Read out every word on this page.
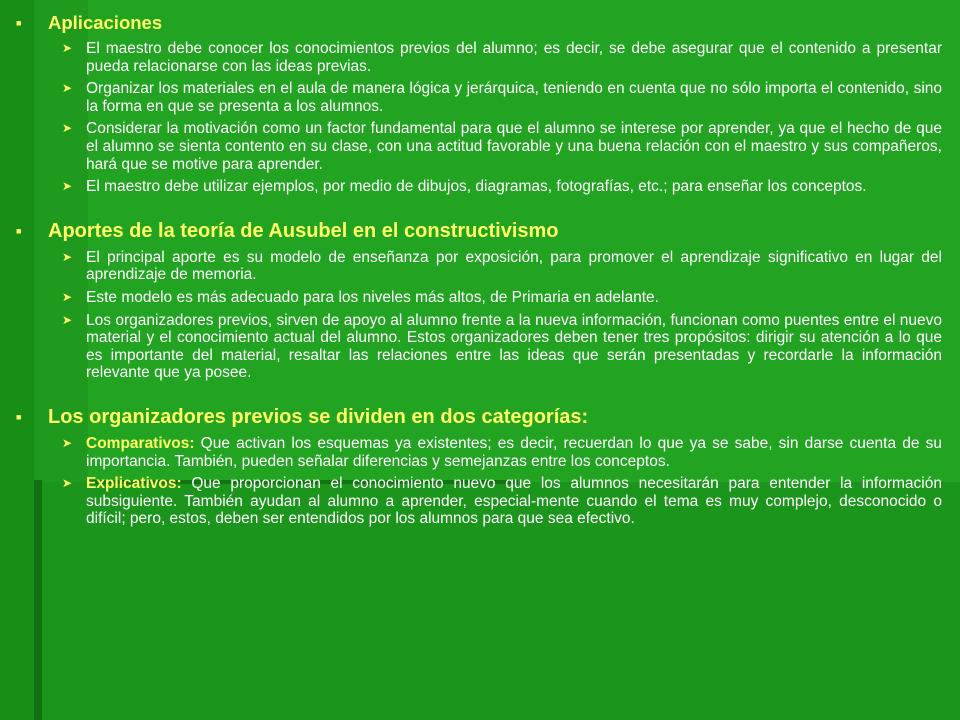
■	Aplicaciones
➤ El maestro debe conocer los conocimientos previos del alumno; es decir, se debe asegurar que el contenido a presentar pueda relacionarse con las ideas previas.
➤ Organizar los materiales en el aula de manera lógica y jerárquica, teniendo en cuenta que no sólo importa el contenido, sino la forma en que se presenta a los alumnos.
➤ Considerar la motivación como un factor fundamental para que el alumno se interese por aprender, ya que el hecho de que el alumno se sienta contento en su clase, con una actitud favorable y una buena relación con el maestro y sus compañeros, hará que se motive para aprender.
➤ El maestro debe utilizar ejemplos, por medio de dibujos, diagramas, fotografías, etc.; para enseñar los conceptos.
■	Aportes de la teoría de Ausubel en el constructivismo
➤ El principal aporte es su modelo de enseñanza por exposición, para promover el aprendizaje significativo en lugar del aprendizaje de memoria.
➤ Este modelo es más adecuado para los niveles más altos, de Primaria en adelante.
➤ Los organizadores previos, sirven de apoyo al alumno frente a la nueva información, funcionan como puentes entre el nuevo material y el conocimiento actual del alumno. Estos organizadores deben tener tres propósitos: dirigir su atención a lo que es importante del material, resaltar las relaciones entre las ideas que serán presentadas y recordarle la información relevante que ya posee.
■	Los organizadores previos se dividen en dos categorías:
➤ Comparativos: Que activan los esquemas ya existentes; es decir, recuerdan lo que ya se sabe, sin darse cuenta de su importancia. También, pueden señalar diferencias y semejanzas entre los conceptos.
➤ Explicativos: Que proporcionan el conocimiento nuevo que los alumnos necesitarán para entender la información subsiguiente. También ayudan al alumno a aprender, especial-mente cuando el tema es muy complejo, desconocido o difícil; pero, estos, deben ser entendidos por los alumnos para que sea efectivo.
